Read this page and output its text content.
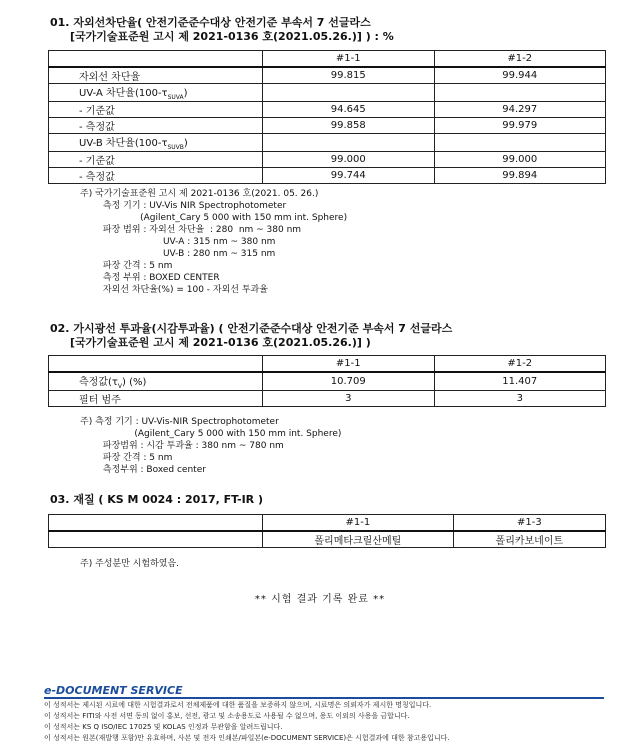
01. 자외선차단율( 안전기준준수대상 안전기준 부속서 7 선글라스
[국가기술표준원 고시 제 2021-0136 호(2021.05.26.)] ) : %
	#1-1	#1-2
자외선 차단율	99.815	99.944
UV-A 차단율$(100-\tau_{SUVA})$		
- 기준값	94.645	94.297
- 측정값	99.858	99.979
UV-B 차단율$(100-\tau_{SUVB})$		
- 기준값	99.000	99.000
- 측정값	99.744	99.894
주) 국가기술표준원 고시 제 2021-0136 호(2021. 05. 26.)
측정 기기 : UV-Vis NIR Spectrophotometer
(Agilent_Cary 5 000 with 150 mm int. Sphere)
파장 범위 : 자외선 차단율  : 280  nm ~ 380 nm
UV-A : 315 nm ~ 380 nm
UV-B : 280 nm ~ 315 nm
파장 간격 : 5 nm
측정 부위 : BOXED CENTER
자외선 차단율(%) = 100 - 자외선 투과율
02. 가시광선 투과율(시감투과율) ( 안전기준준수대상 안전기준 부속서 7 선글라스
[국가기술표준원 고시 제 2021-0136 호(2021.05.26.)] )
	#1-1	#1-2
측정값$(\tau_V)$ (%)	10.709	11.407
필터 범주	3	3
주) 측정 기기 : UV-Vis-NIR Spectrophotometer
(Agilent_Cary 5 000 with 150 mm int. Sphere)
파장범위 : 시감 투과율 : 380 nm ~ 780 nm
파장 간격 : 5 nm
측정부위 : Boxed center
03. 재질 ( KS M 0024 : 2017, FT-IR )
	#1-1	#1-3
	폴리메타크릴산메틸	폴리카보네이트
주) 주성분만 시험하였음.
** 시험 결과 기록 완료 **
e-DOCUMENT SERVICE
이 성적서는 제시된 시료에 대한 시험결과로서 전체제품에 대한 품질을 보증하지 않으며, 시료명은 의뢰자가 제시한 명칭입니다.
이 성적서는 FITI와 사전 서면 동의 없이 홍보, 선전, 광고 및 소송용도로 사용될 수 없으며, 용도 이외의 사용을 금합니다.
이 성적서는 KS Q ISO/IEC 17025 및 KOLAS 인정과 무관함을 알려드립니다.
이 성적서는 원본(재발행 포함)만 유효하며, 사본 및 전자 인쇄본/파일본(e-DOCUMENT SERVICE)은 시험결과에 대한 참고용입니다.
